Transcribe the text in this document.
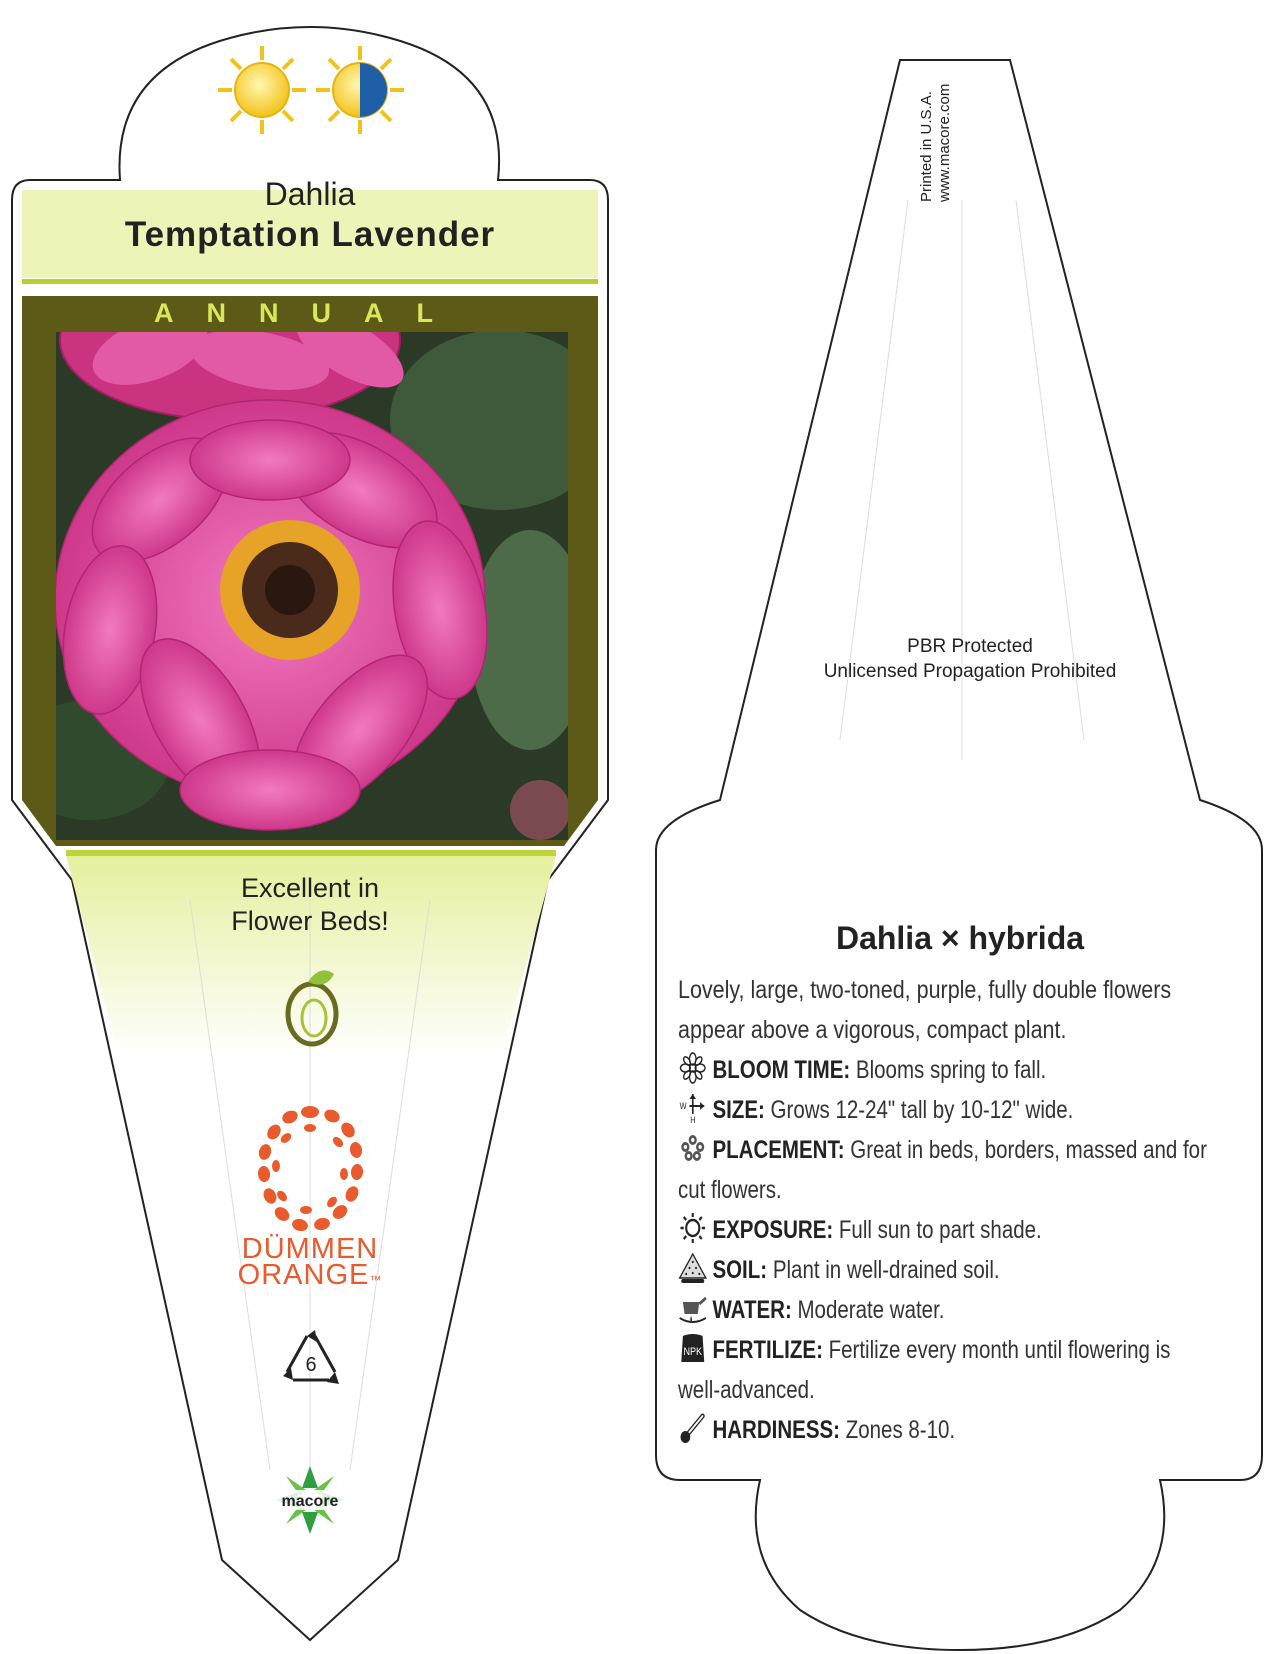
Dahlia
Temptation Lavender
ANNUAL
Excellent in
Flower Beds!
DÜMMEN
ORANGE™
6
macore
Printed in U.S.A. www.macore.com
PBR Protected
Unlicensed Propagation Prohibited
Dahlia × hybrida
Lovely, large, two-toned, purple, fully double flowers appear above a vigorous, compact plant.
BLOOM TIME: Blooms spring to fall.
W
H SIZE: Grows 12-24" tall by 10-12" wide.
PLACEMENT: Great in beds, borders, massed and for cut flowers.
EXPOSURE: Full sun to part shade.
SOIL: Plant in well-drained soil.
WATER: Moderate water.
NPK FERTILIZE: Fertilize every month until flowering is well-advanced.
HARDINESS: Zones 8-10.
